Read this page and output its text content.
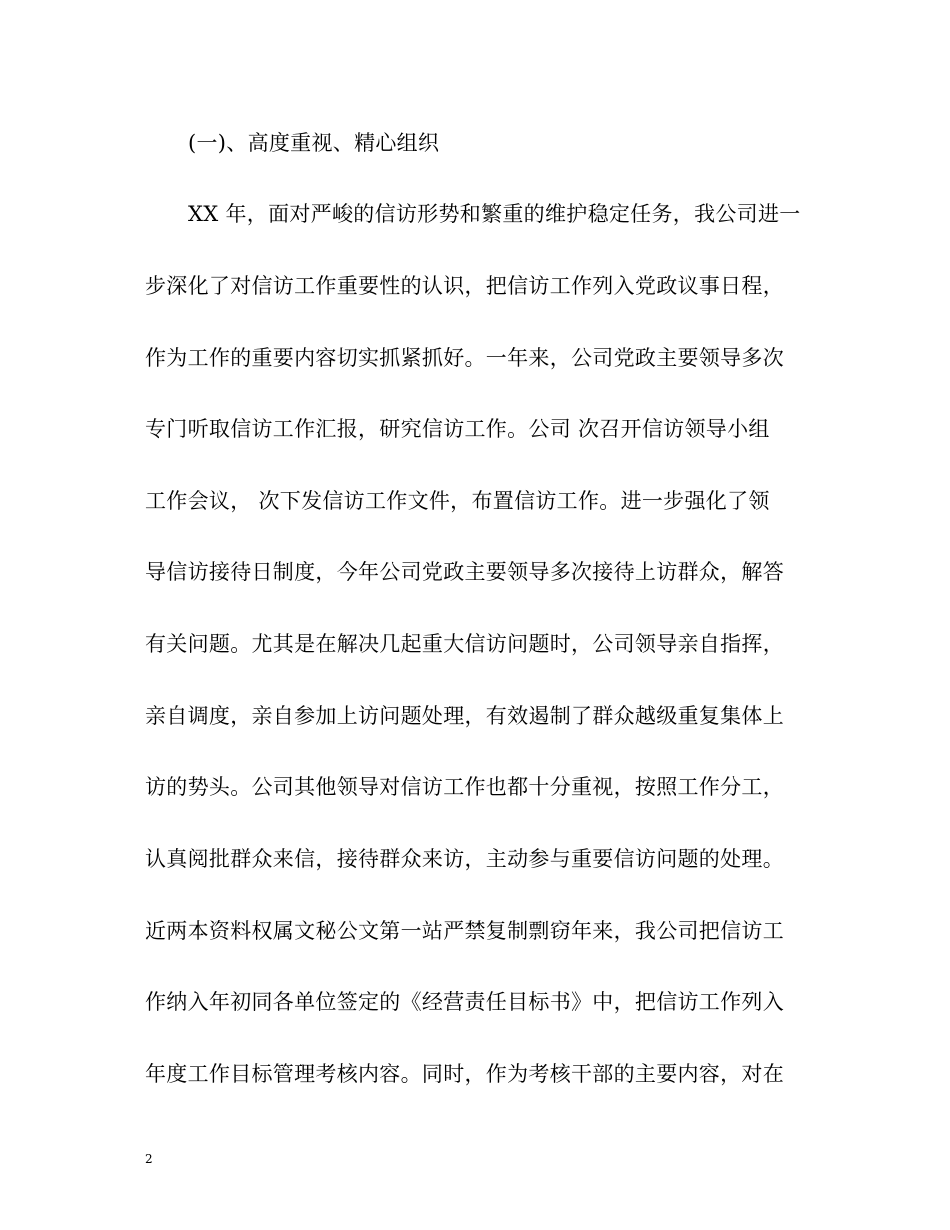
(一)、高度重视、精心组织
XX 年，面对严峻的信访形势和繁重的维护稳定任务，我公司进一
步深化了对信访工作重要性的认识，把信访工作列入党政议事日程，
作为工作的重要内容切实抓紧抓好。一年来，公司党政主要领导多次
专门听取信访工作汇报，研究信访工作。公司 次召开信访领导小组
工作会议， 次下发信访工作文件，布置信访工作。进一步强化了领
导信访接待日制度，今年公司党政主要领导多次接待上访群众，解答
有关问题。尤其是在解决几起重大信访问题时，公司领导亲自指挥，
亲自调度，亲自参加上访问题处理，有效遏制了群众越级重复集体上
访的势头。公司其他领导对信访工作也都十分重视，按照工作分工，
认真阅批群众来信，接待群众来访，主动参与重要信访问题的处理。
近两本资料权属文秘公文第一站严禁复制剽窃年来，我公司把信访工
作纳入年初同各单位签定的《经营责任目标书》中，把信访工作列入
年度工作目标管理考核内容。同时，作为考核干部的主要内容，对在
2
